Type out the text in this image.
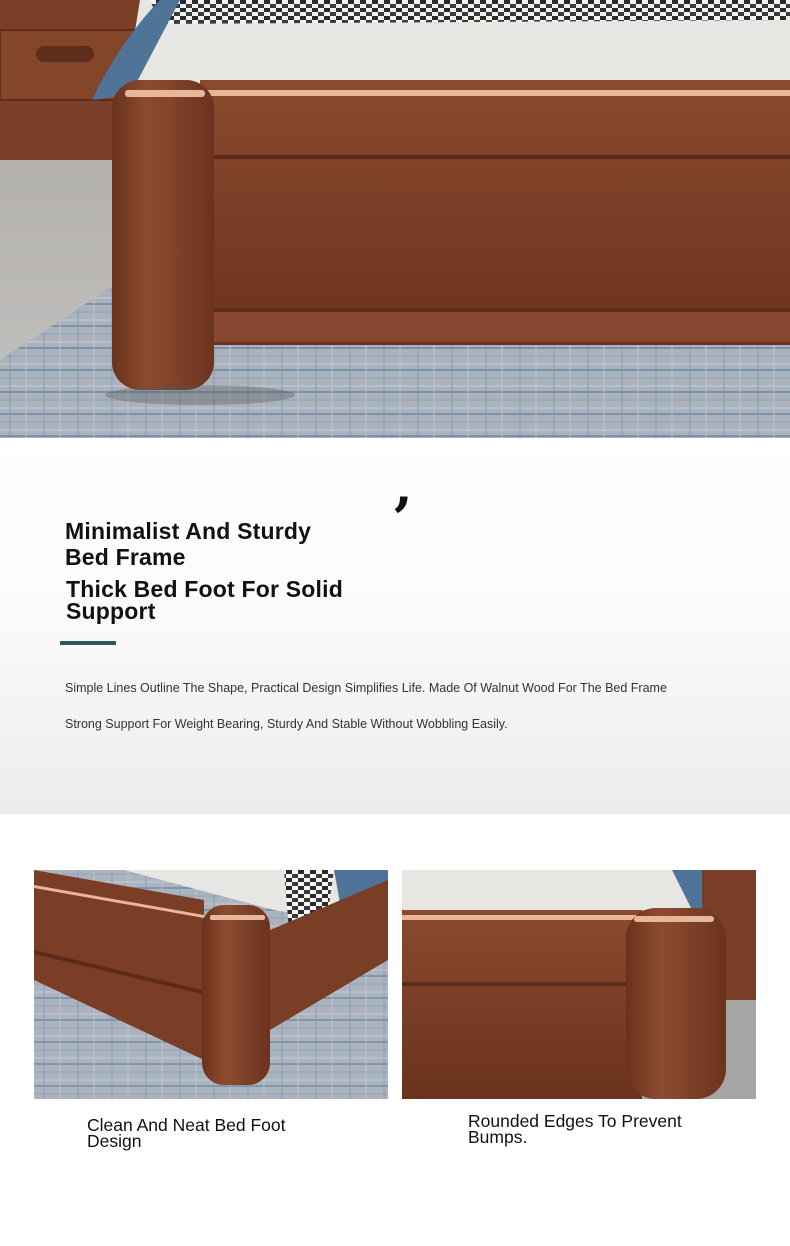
Minimalist And Sturdy
Bed Frame
Thick Bed Foot For Solid
Support
’
Simple Lines Outline The Shape, Practical Design Simplifies Life. Made Of Walnut Wood For The Bed Frame
Strong Support For Weight Bearing, Sturdy And Stable Without Wobbling Easily.
Clean And Neat Bed Foot
Design
Rounded Edges To Prevent
Bumps.
